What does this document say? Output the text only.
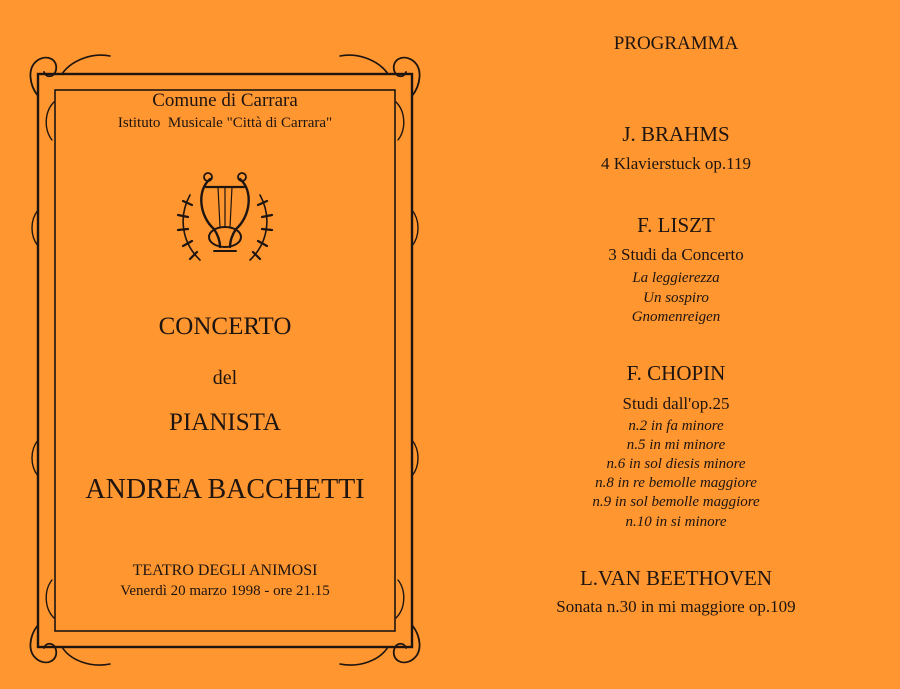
Comune di Carrara
Istituto  Musicale "Città di Carrara"
CONCERTO
del
PIANISTA
ANDREA BACCHETTI
TEATRO DEGLI ANIMOSI
Venerdì 20 marzo 1998 - ore 21.15
PROGRAMMA
J. BRAHMS
4 Klavierstuck op.119
F. LISZT
3 Studi da Concerto
La leggierezza
Un sospiro
Gnomenreigen
F. CHOPIN
Studi dall'op.25
n.2 in fa minore
n.5 in mi minore
n.6 in sol diesis minore
n.8 in re bemolle maggiore
n.9 in sol bemolle maggiore
n.10 in si minore
L.VAN BEETHOVEN
Sonata n.30 in mi maggiore op.109
